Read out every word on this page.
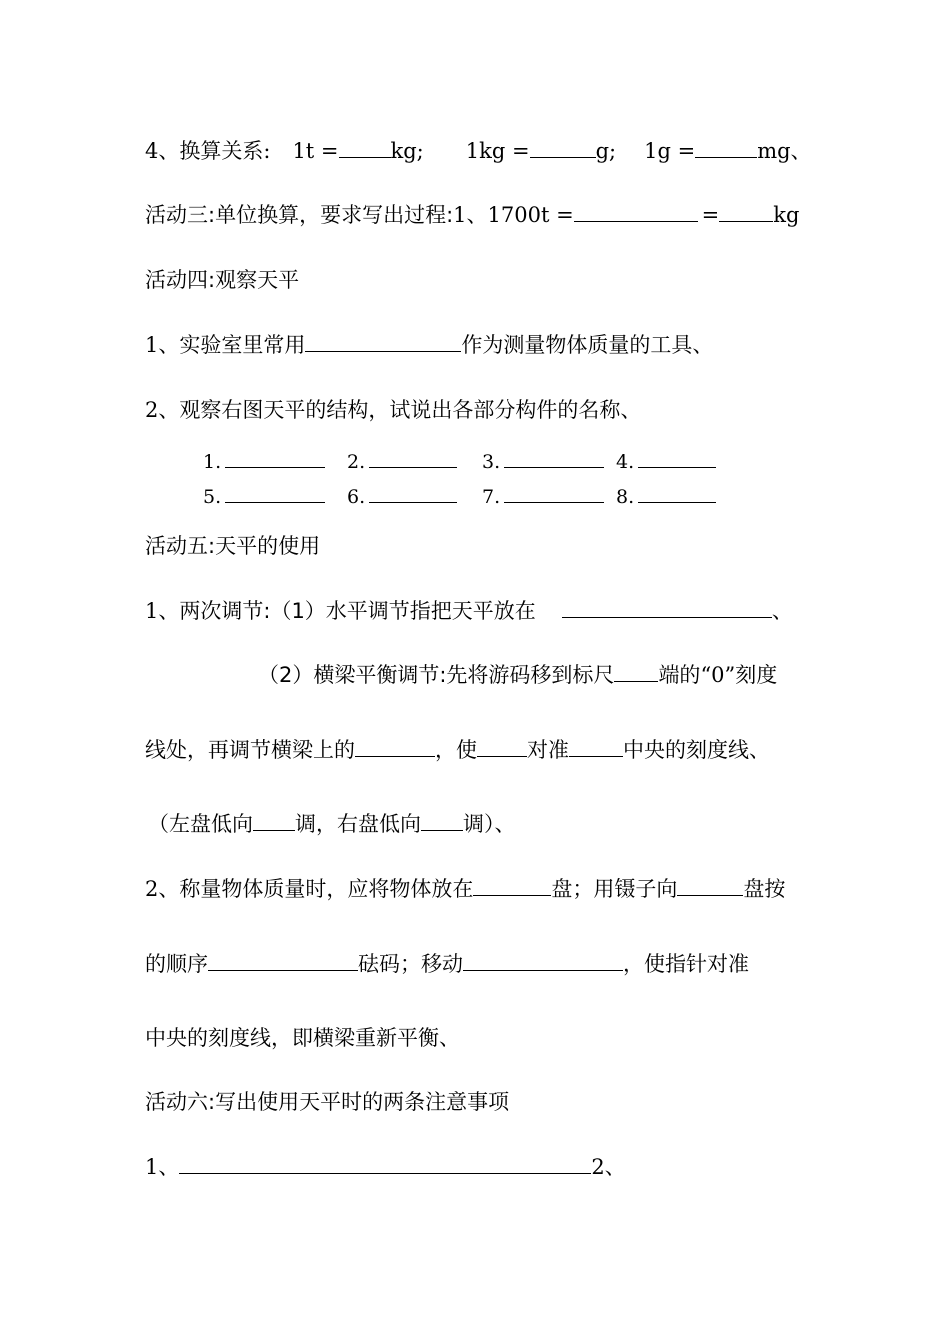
4、换算关系: 1t = kg; 1kg =	g; 1g =	mg、
活动三:单位换算，要求写出过程:1、1700t =	=	kg
活动四:观察天平
1、实验室里常用	作为测量物体质量的工具、
2、观察右图天平的结构，试说出各部分构件的名称、
1.	2.	3.	4.
5.	6.	7.	8.
活动五:天平的使用
1、两次调节:（1）水平调节指把天平放在	、
（2）横梁平衡调节:先将游码移到标尺 端的“0”刻度
线处，再调节横梁上的	，使 对准	中央的刻度线、
（左盘低向 调，右盘低向 调）、
2、称量物体质量时，应将物体放在	盘；用镊子向	盘按
的顺序	砝码；移动	，使指针对准
中央的刻度线，即横梁重新平衡、
活动六:写出使用天平时的两条注意事项
1、	2、
